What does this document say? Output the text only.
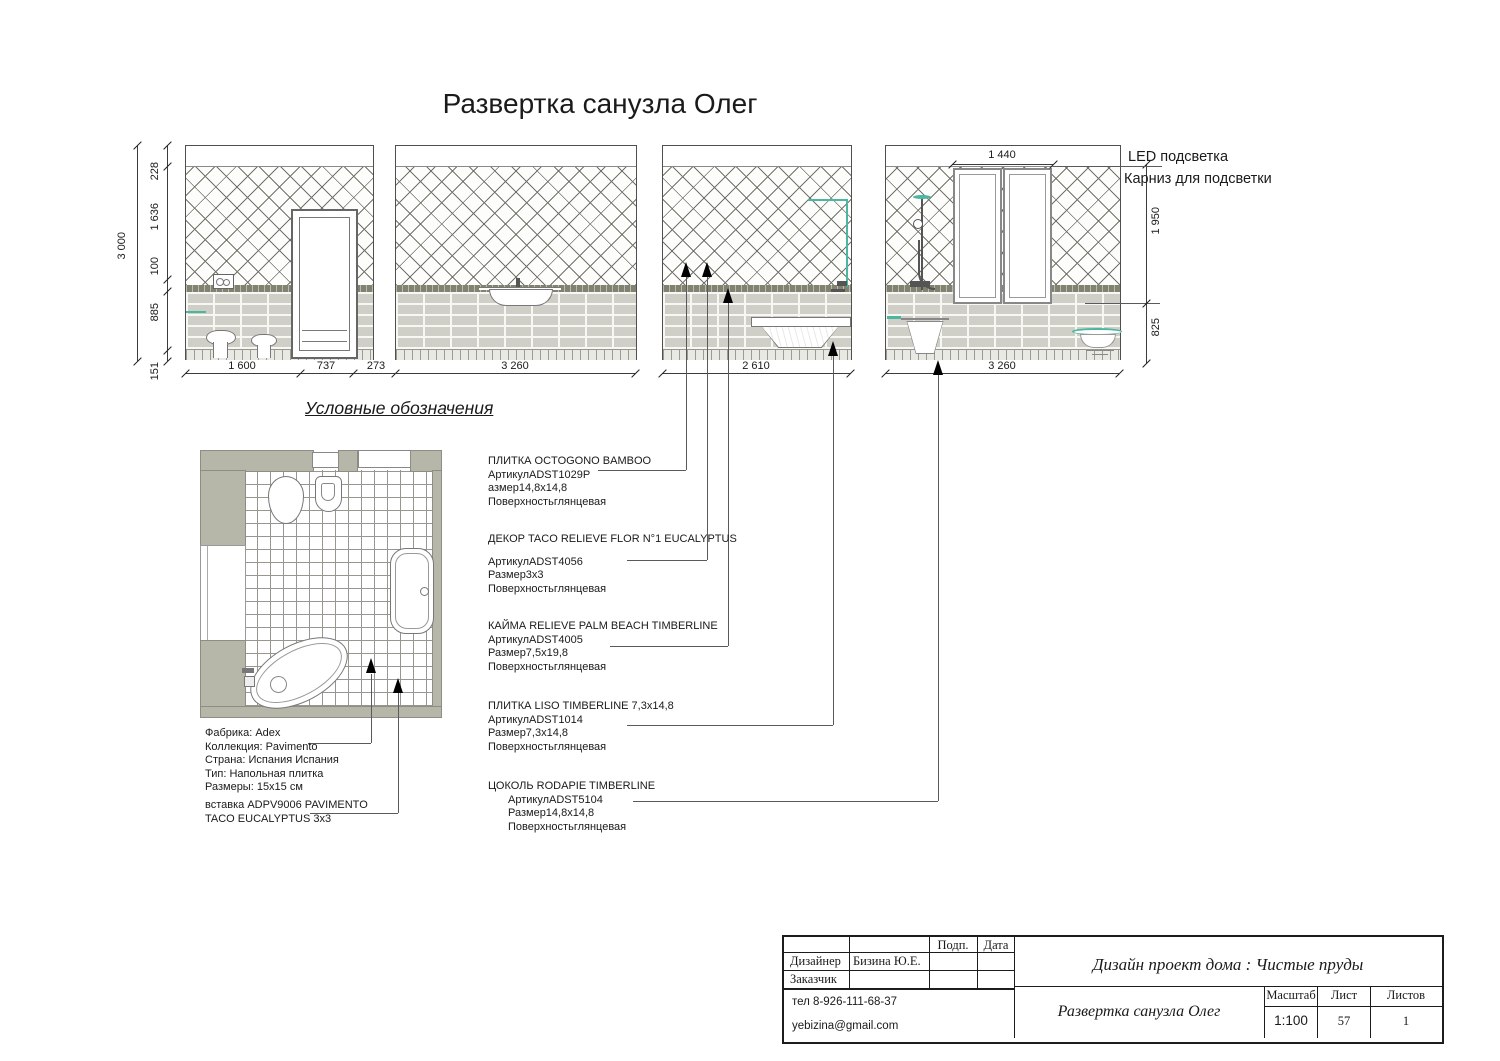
Развертка санузла Олег
3 000
228
1 636
100
885
151	1 600	737	273	3 260	2 610	3 260
1 440
1 950
825
LED подсветка
Карниз для подсветки
Условные обозначения
ПЛИТКА OCTOGONO BAMBOO
АртикулADST1029P
азмер14,8х14,8
Поверхностьглянцевая
ДЕКОР TACO RELIEVE FLOR N°1 EUCALYPTUS
АртикулADST4056
Размер3х3
Поверхностьглянцевая
КАЙМА RELIEVE PALM BEACH TIMBERLINE
АртикулADST4005
Размер7,5х19,8
Поверхностьглянцевая
ПЛИТКА LISO TIMBERLINE 7,3х14,8
АртикулADST1014
Размер7,3х14,8
Поверхностьглянцевая
ЦОКОЛЬ RODAPIE TIMBERLINE
АртикулADST5104
Размер14,8х14,8
Поверхностьглянцевая
Фабрика: Adex
Коллекция: Pavimento
Страна: Испания Испания
Тип: Напольная плитка
Размеры: 15х15 см
вставка ADPV9006 PAVIMENTO
TACO EUCALYPTUS 3х3
Подп. Дата
Дизайнер Бизина Ю.Е.
Заказчик
тел 8-926-111-68-37
yebizina@gmail.com
Дизайн проект дома : Чистые пруды
Развертка санузла Олег
Масштаб Лист Листов
1:100 57	1
